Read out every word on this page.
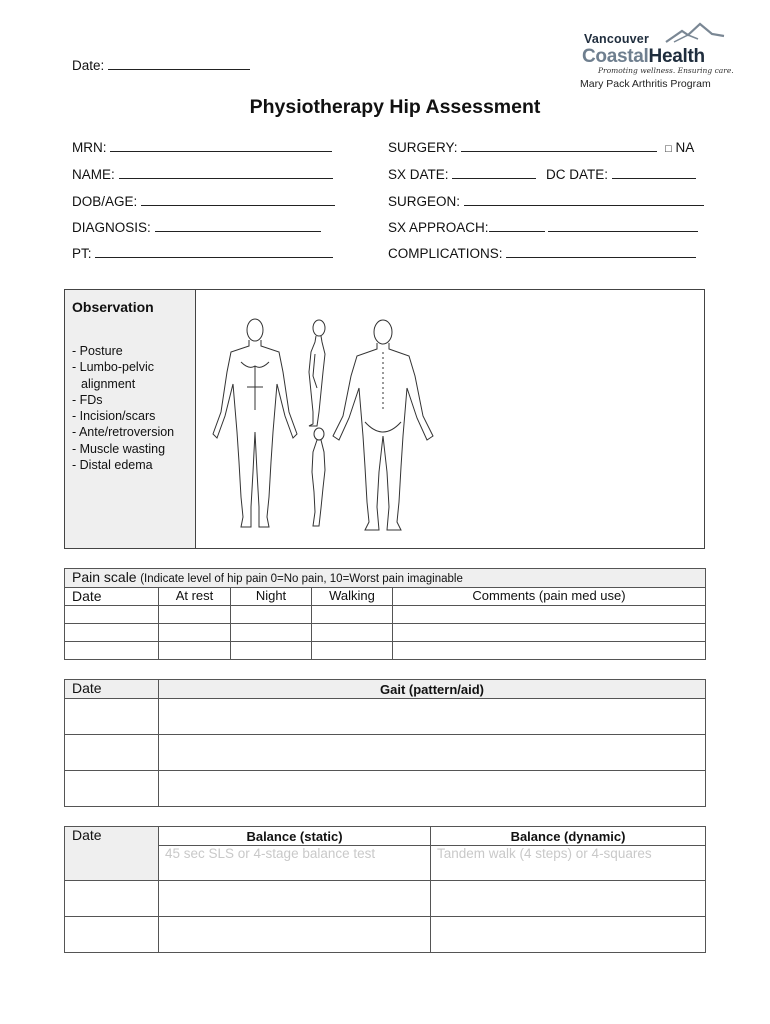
Date:
Vancouver
CoastalHealth
Promoting wellness. Ensuring care.
Mary Pack Arthritis Program
Physiotherapy Hip Assessment
MRN:
NAME:
DOB/AGE:
DIAGNOSIS:
PT:
SURGERY:	□ NA
SX DATE:	DC DATE:
SURGEON:
SX APPROACH:
COMPLICATIONS:
Observation
- Posture
- Lumbo-pelvic
alignment
- FDs
- Incision/scars
- Ante/retroversion
- Muscle wasting
- Distal edema
Pain scale (Indicate level of hip pain 0=No pain, 10=Worst pain imaginable				
Date	At rest	Night	Walking	Comments (pain med use)

Date	Gait (pattern/aid)

Date	Balance (static)	Balance (dynamic)
	45 sec SLS or 4-stage balance test	Tandem walk (4 steps) or 4-squares
